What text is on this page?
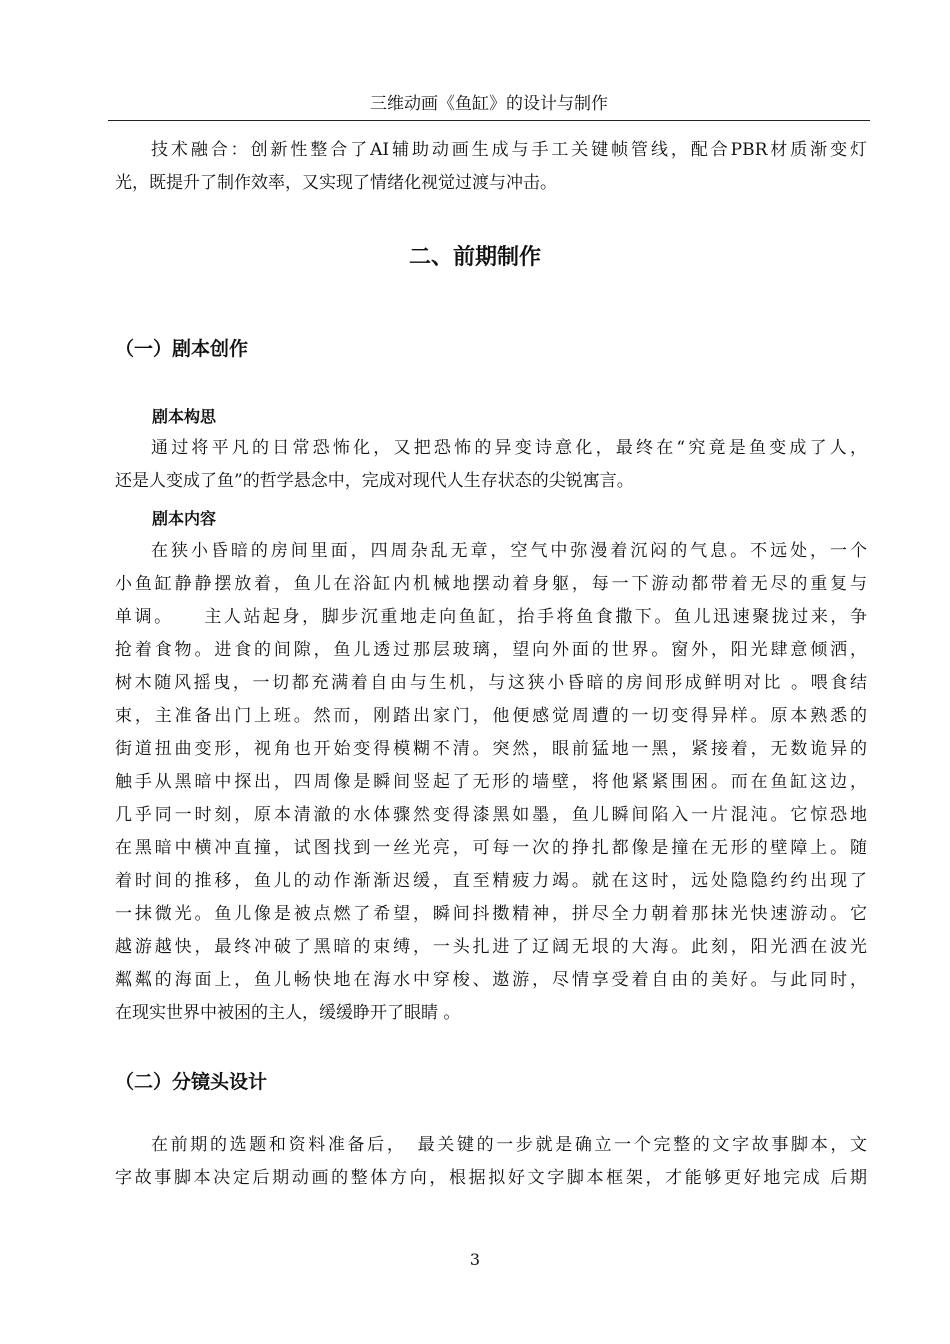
三维动画《鱼缸》的设计与制作
技术融合：创新性整合了AI辅助动画生成与手工关键帧管线，配合PBR材质渐变灯
光，既提升了制作效率，又实现了情绪化视觉过渡与冲击。
二、前期制作
（一）剧本创作
剧本构思
通过将平凡的日常恐怖化，又把恐怖的异变诗意化，最终在“究竟是鱼变成了人，
还是人变成了鱼”的哲学悬念中，完成对现代人生存状态的尖锐寓言。
剧本内容
在狭小昏暗的房间里面，四周杂乱无章，空气中弥漫着沉闷的气息。不远处，一个
小鱼缸静静摆放着，鱼儿在浴缸内机械地摆动着身躯，每一下游动都带着无尽的重复与
单调。　　主人站起身，脚步沉重地走向鱼缸，抬手将鱼食撒下。鱼儿迅速聚拢过来，争
抢着食物。进食的间隙，鱼儿透过那层玻璃，望向外面的世界。窗外，阳光肆意倾洒，
树木随风摇曳，一切都充满着自由与生机，与这狭小昏暗的房间形成鲜明对比 。喂食结
束，主准备出门上班。然而，刚踏出家门，他便感觉周遭的一切变得异样。原本熟悉的
街道扭曲变形，视角也开始变得模糊不清。突然，眼前猛地一黑，紧接着，无数诡异的
触手从黑暗中探出，四周像是瞬间竖起了无形的墙壁，将他紧紧围困。而在鱼缸这边，
几乎同一时刻，原本清澈的水体骤然变得漆黑如墨，鱼儿瞬间陷入一片混沌。它惊恐地
在黑暗中横冲直撞，试图找到一丝光亮，可每一次的挣扎都像是撞在无形的壁障上。随
着时间的推移，鱼儿的动作渐渐迟缓，直至精疲力竭。就在这时，远处隐隐约约出现了
一抹微光。鱼儿像是被点燃了希望，瞬间抖擞精神，拼尽全力朝着那抹光快速游动。它
越游越快，最终冲破了黑暗的束缚，一头扎进了辽阔无垠的大海。此刻，阳光洒在波光
粼粼的海面上，鱼儿畅快地在海水中穿梭、遨游，尽情享受着自由的美好。与此同时，
在现实世界中被困的主人，缓缓睁开了眼睛 。
（二）分镜头设计
在前期的选题和资料准备后，　最关键的一步就是确立一个完整的文字故事脚本，文
字故事脚本决定后期动画的整体方向，根据拟好文字脚本框架，才能够更好地完成 后期
3
